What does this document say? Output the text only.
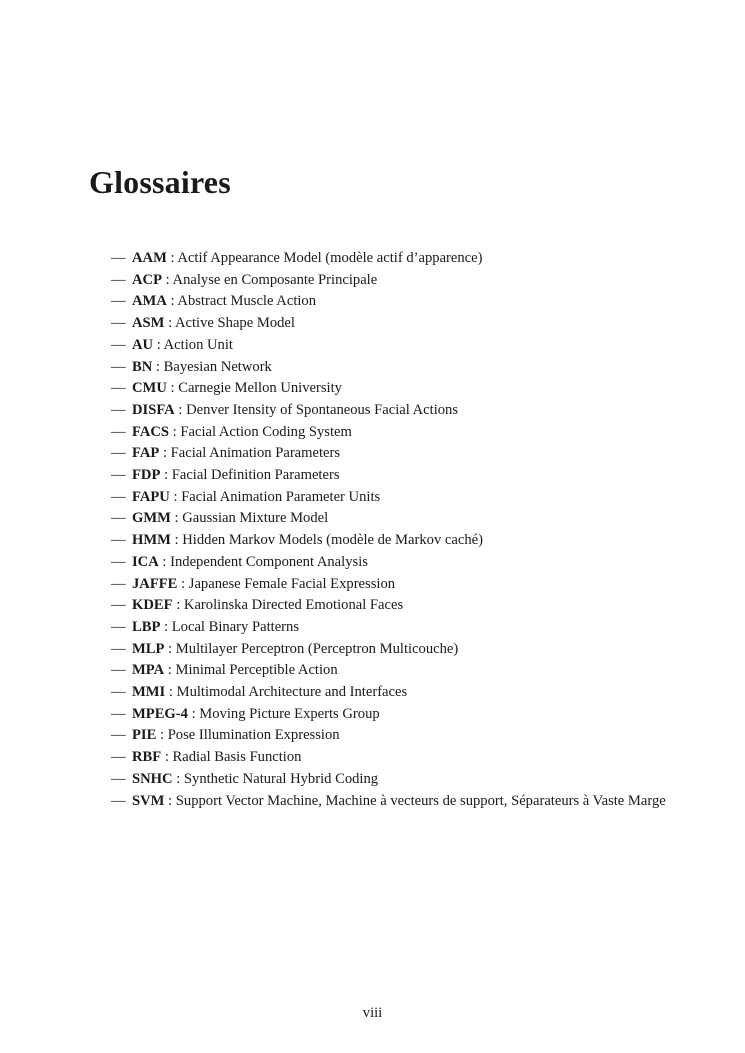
Glossaires
— AAM : Actif Appearance Model (modèle actif d’apparence)
— ACP : Analyse en Composante Principale
— AMA : Abstract Muscle Action
— ASM : Active Shape Model
— AU : Action Unit
— BN : Bayesian Network
— CMU : Carnegie Mellon University
— DISFA : Denver Itensity of Spontaneous Facial Actions
— FACS : Facial Action Coding System
— FAP : Facial Animation Parameters
— FDP : Facial Definition Parameters
— FAPU : Facial Animation Parameter Units
— GMM : Gaussian Mixture Model
— HMM : Hidden Markov Models (modèle de Markov caché)
— ICA : Independent Component Analysis
— JAFFE : Japanese Female Facial Expression
— KDEF : Karolinska Directed Emotional Faces
— LBP : Local Binary Patterns
— MLP : Multilayer Perceptron (Perceptron Multicouche)
— MPA : Minimal Perceptible Action
— MMI : Multimodal Architecture and Interfaces
— MPEG-4 : Moving Picture Experts Group
— PIE : Pose Illumination Expression
— RBF : Radial Basis Function
— SNHC : Synthetic Natural Hybrid Coding
— SVM : Support Vector Machine, Machine à vecteurs de support, Séparateurs à Vaste Marge
viii
